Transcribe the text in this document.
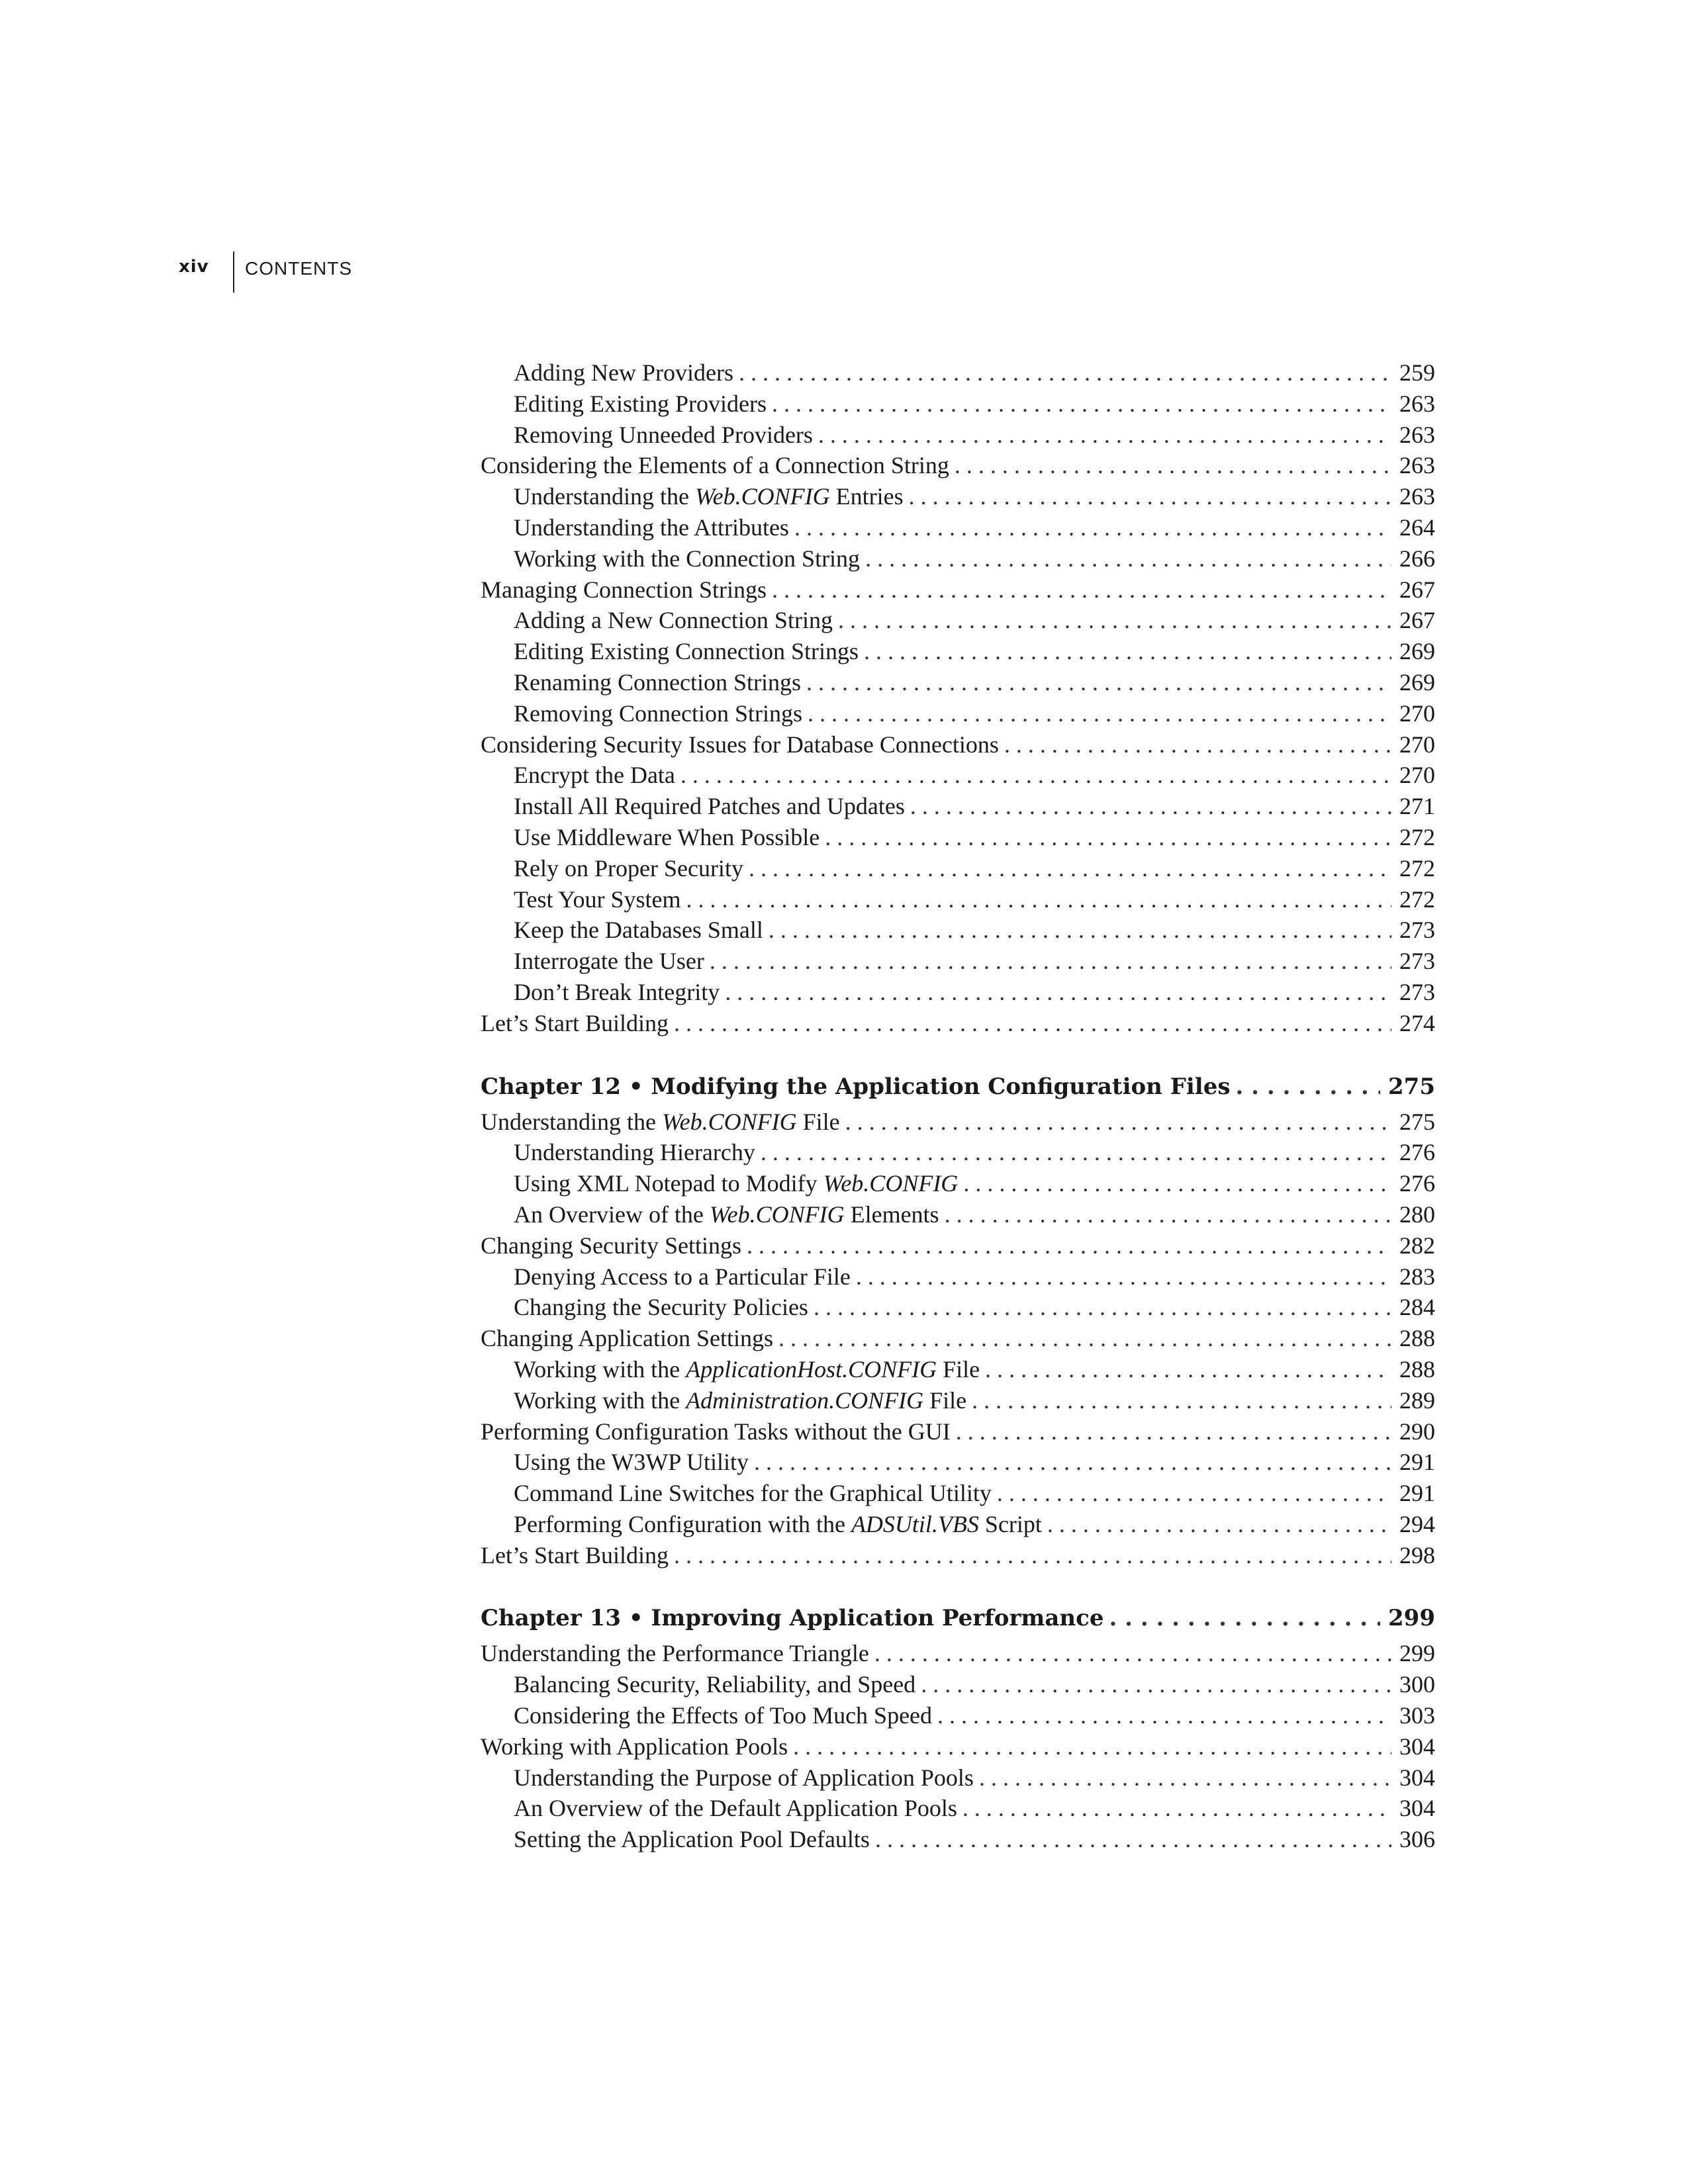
xiv CONTENTS
Adding New Providers . . .	259
Editing Existing Providers . . .	263
Removing Unneeded Providers . . .	263
Considering the Elements of a Connection String . . .	263
Understanding the Web.CONFIG Entries . . .	263
Understanding the Attributes . . .	264
Working with the Connection String . . .	266
Managing Connection Strings . . .	267
Adding a New Connection String . . .	267
Editing Existing Connection Strings . . .	269
Renaming Connection Strings . . .	269
Removing Connection Strings . . .	270
Considering Security Issues for Database Connections . . .	270
Encrypt the Data . . .	270
Install All Required Patches and Updates . . .	271
Use Middleware When Possible . . .	272
Rely on Proper Security . . .	272
Test Your System . . .	272
Keep the Databases Small . . .	273
Interrogate the User . . .	273
Don’t Break Integrity . . .	273
Let’s Start Building . . .	274
Chapter 12 • Modifying the Application Configuration Files . . .	275
Understanding the Web.CONFIG File . . .	275
Understanding Hierarchy . . .	276
Using XML Notepad to Modify Web.CONFIG . . .	276
An Overview of the Web.CONFIG Elements . . .	280
Changing Security Settings . . .	282
Denying Access to a Particular File . . .	283
Changing the Security Policies . . .	284
Changing Application Settings . . .	288
Working with the ApplicationHost.CONFIG File . . .	288
Working with the Administration.CONFIG File . . .	289
Performing Configuration Tasks without the GUI . . .	290
Using the W3WP Utility . . .	291
Command Line Switches for the Graphical Utility . . .	291
Performing Configuration with the ADSUtil.VBS Script . . .	294
Let’s Start Building . . .	298
Chapter 13 • Improving Application Performance . . .	299
Understanding the Performance Triangle . . .	299
Balancing Security, Reliability, and Speed . . .	300
Considering the Effects of Too Much Speed . . .	303
Working with Application Pools . . .	304
Understanding the Purpose of Application Pools . . .	304
An Overview of the Default Application Pools . . .	304
Setting the Application Pool Defaults . . .	306
